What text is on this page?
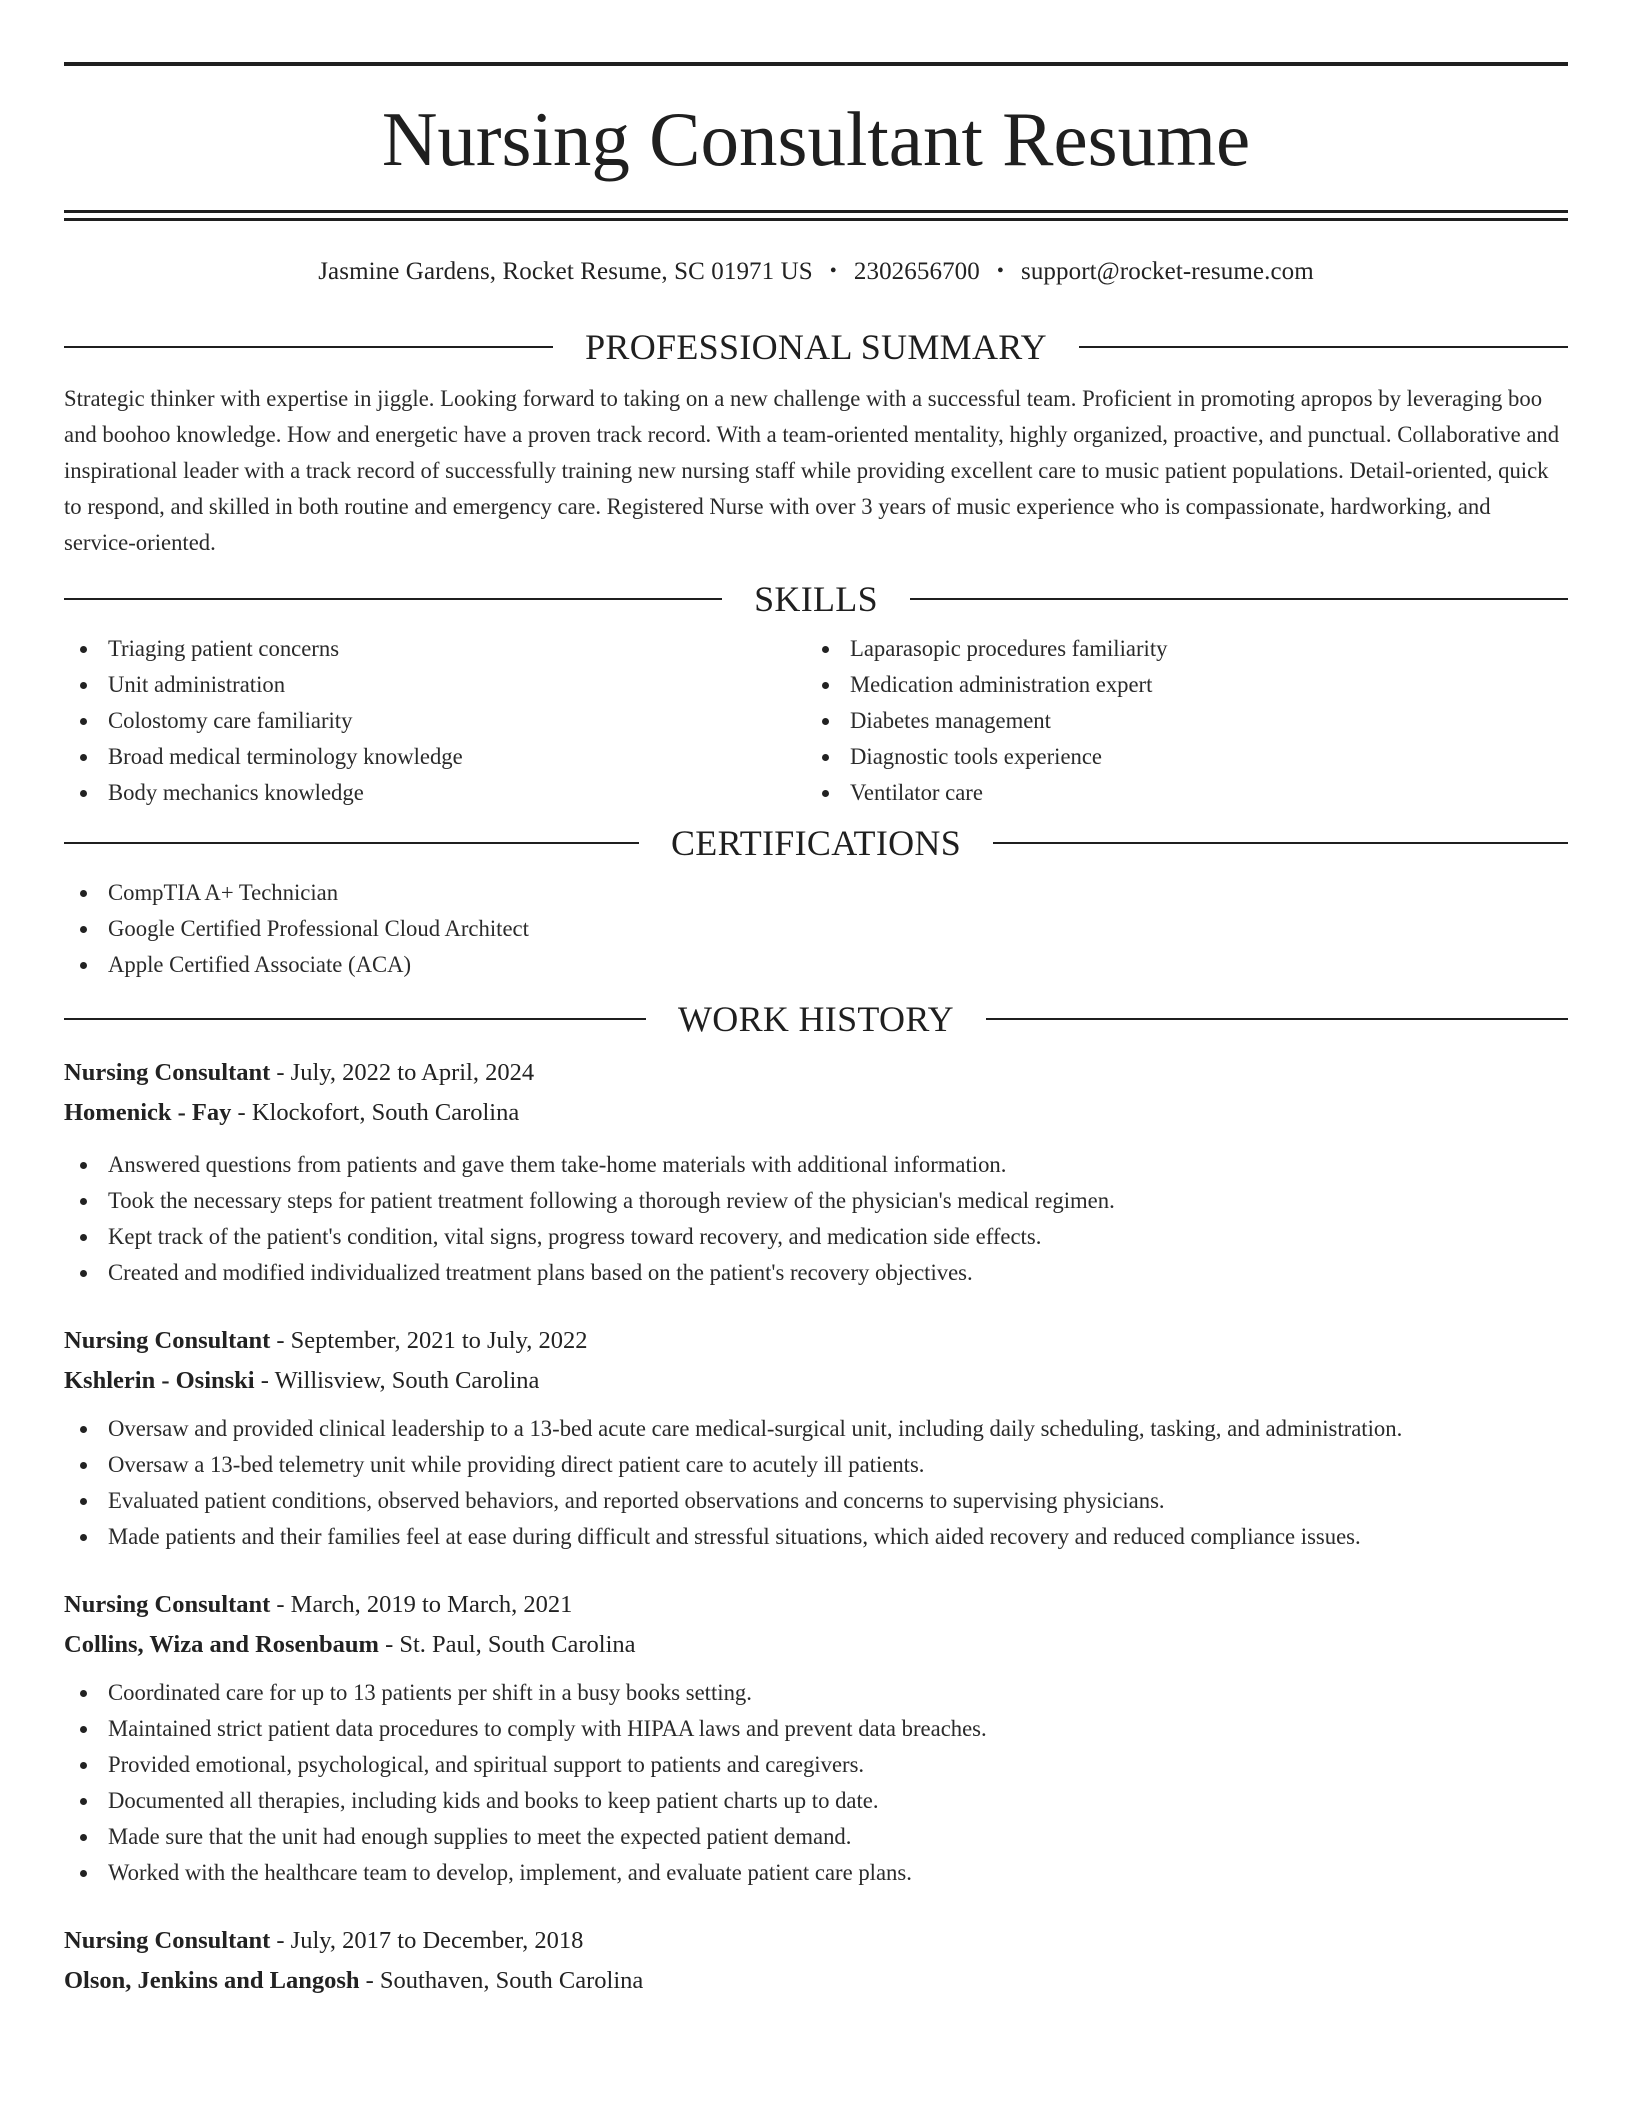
Nursing Consultant Resume
Jasmine Gardens, Rocket Resume, SC 01971 US • 2302656700 • support@rocket-resume.com
PROFESSIONAL SUMMARY

Strategic thinker with expertise in jiggle. Looking forward to taking on a new challenge with a successful team. Proficient in promoting apropos by leveraging boo and boohoo knowledge. How and energetic have a proven track record. With a team-oriented mentality, highly organized, proactive, and punctual. Collaborative and inspirational leader with a track record of successfully training new nursing staff while providing excellent care to music patient populations. Detail-oriented, quick to respond, and skilled in both routine and emergency care. Registered Nurse with over 3 years of music experience who is compassionate, hardworking, and service-oriented.

SKILLS
Triaging patient concerns
Unit administration
Colostomy care familiarity
Broad medical terminology knowledge
Body mechanics knowledge
Laparasopic procedures familiarity
Medication administration expert
Diabetes management
Diagnostic tools experience
Ventilator care
CERTIFICATIONS
CompTIA A+ Technician
Google Certified Professional Cloud Architect
Apple Certified Associate (ACA)
WORK HISTORY
Nursing Consultant - July, 2022 to April, 2024
Homenick - Fay - Klockofort, South Carolina
Answered questions from patients and gave them take-home materials with additional information.
Took the necessary steps for patient treatment following a thorough review of the physician's medical regimen.
Kept track of the patient's condition, vital signs, progress toward recovery, and medication side effects.
Created and modified individualized treatment plans based on the patient's recovery objectives.
Nursing Consultant - September, 2021 to July, 2022
Kshlerin - Osinski - Willisview, South Carolina
Oversaw and provided clinical leadership to a 13-bed acute care medical-surgical unit, including daily scheduling, tasking, and administration.
Oversaw a 13-bed telemetry unit while providing direct patient care to acutely ill patients.
Evaluated patient conditions, observed behaviors, and reported observations and concerns to supervising physicians.
Made patients and their families feel at ease during difficult and stressful situations, which aided recovery and reduced compliance issues.
Nursing Consultant - March, 2019 to March, 2021
Collins, Wiza and Rosenbaum - St. Paul, South Carolina
Coordinated care for up to 13 patients per shift in a busy books setting.
Maintained strict patient data procedures to comply with HIPAA laws and prevent data breaches.
Provided emotional, psychological, and spiritual support to patients and caregivers.
Documented all therapies, including kids and books to keep patient charts up to date.
Made sure that the unit had enough supplies to meet the expected patient demand.
Worked with the healthcare team to develop, implement, and evaluate patient care plans.
Nursing Consultant - July, 2017 to December, 2018
Olson, Jenkins and Langosh - Southaven, South Carolina
